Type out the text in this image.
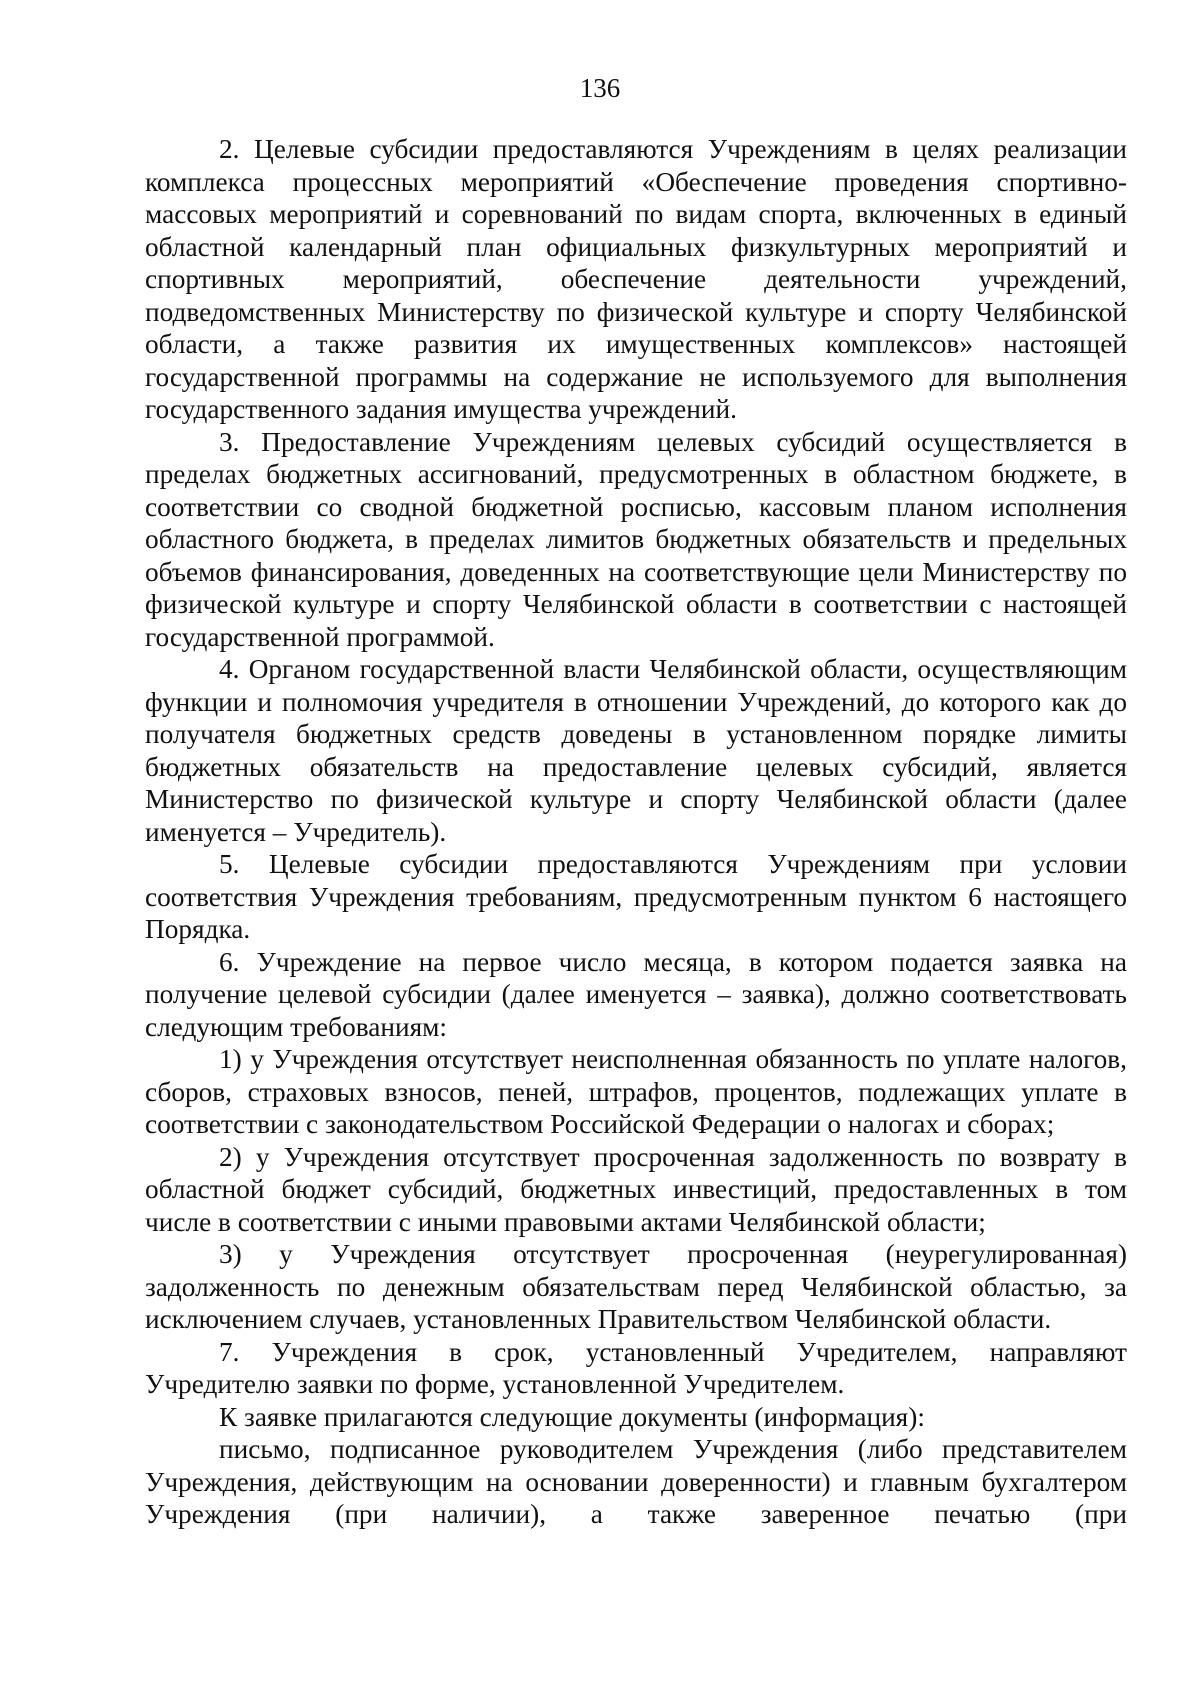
136

2. Целевые субсидии предоставляются Учреждениям в целях реализации комплекса процессных мероприятий «Обеспечение проведения спортивно-массовых мероприятий и соревнований по видам спорта, включенных в единый областной календарный план официальных физкультурных мероприятий и спортивных мероприятий, обеспечение деятельности учреждений, подведомственных Министерству по физической культуре и спорту Челябинской области, а также развития их имущественных комплексов» настоящей государственной программы на содержание не используемого для выполнения государственного задания имущества учреждений.

3. Предоставление Учреждениям целевых субсидий осуществляется в пределах бюджетных ассигнований, предусмотренных в областном бюджете, в соответствии со сводной бюджетной росписью, кассовым планом исполнения областного бюджета, в пределах лимитов бюджетных обязательств и предельных объемов финансирования, доведенных на соответствующие цели Министерству по физической культуре и спорту Челябинской области в соответствии с настоящей государственной программой.

4. Органом государственной власти Челябинской области, осуществляющим функции и полномочия учредителя в отношении Учреждений, до которого как до получателя бюджетных средств доведены в установленном порядке лимиты бюджетных обязательств на предоставление целевых субсидий, является Министерство по физической культуре и спорту Челябинской области (далее именуется – Учредитель).

5. Целевые субсидии предоставляются Учреждениям при условии соответствия Учреждения требованиям, предусмотренным пунктом 6 настоящего Порядка.

6. Учреждение на первое число месяца, в котором подается заявка на получение целевой субсидии (далее именуется – заявка), должно соответствовать следующим требованиям:

1) у Учреждения отсутствует неисполненная обязанность по уплате налогов, сборов, страховых взносов, пеней, штрафов, процентов, подлежащих уплате в соответствии с законодательством Российской Федерации о налогах и сборах;

2) у Учреждения отсутствует просроченная задолженность по возврату в областной бюджет субсидий, бюджетных инвестиций, предоставленных в том числе в соответствии с иными правовыми актами Челябинской области;

3) у Учреждения отсутствует просроченная (неурегулированная) задолженность по денежным обязательствам перед Челябинской областью, за исключением случаев, установленных Правительством Челябинской области.

7. Учреждения в срок, установленный Учредителем, направляют Учредителю заявки по форме, установленной Учредителем.

К заявке прилагаются следующие документы (информация):

письмо, подписанное руководителем Учреждения (либо представителем Учреждения, действующим на основании доверенности) и главным бухгалтером Учреждения (при наличии), а также заверенное печатью (при
